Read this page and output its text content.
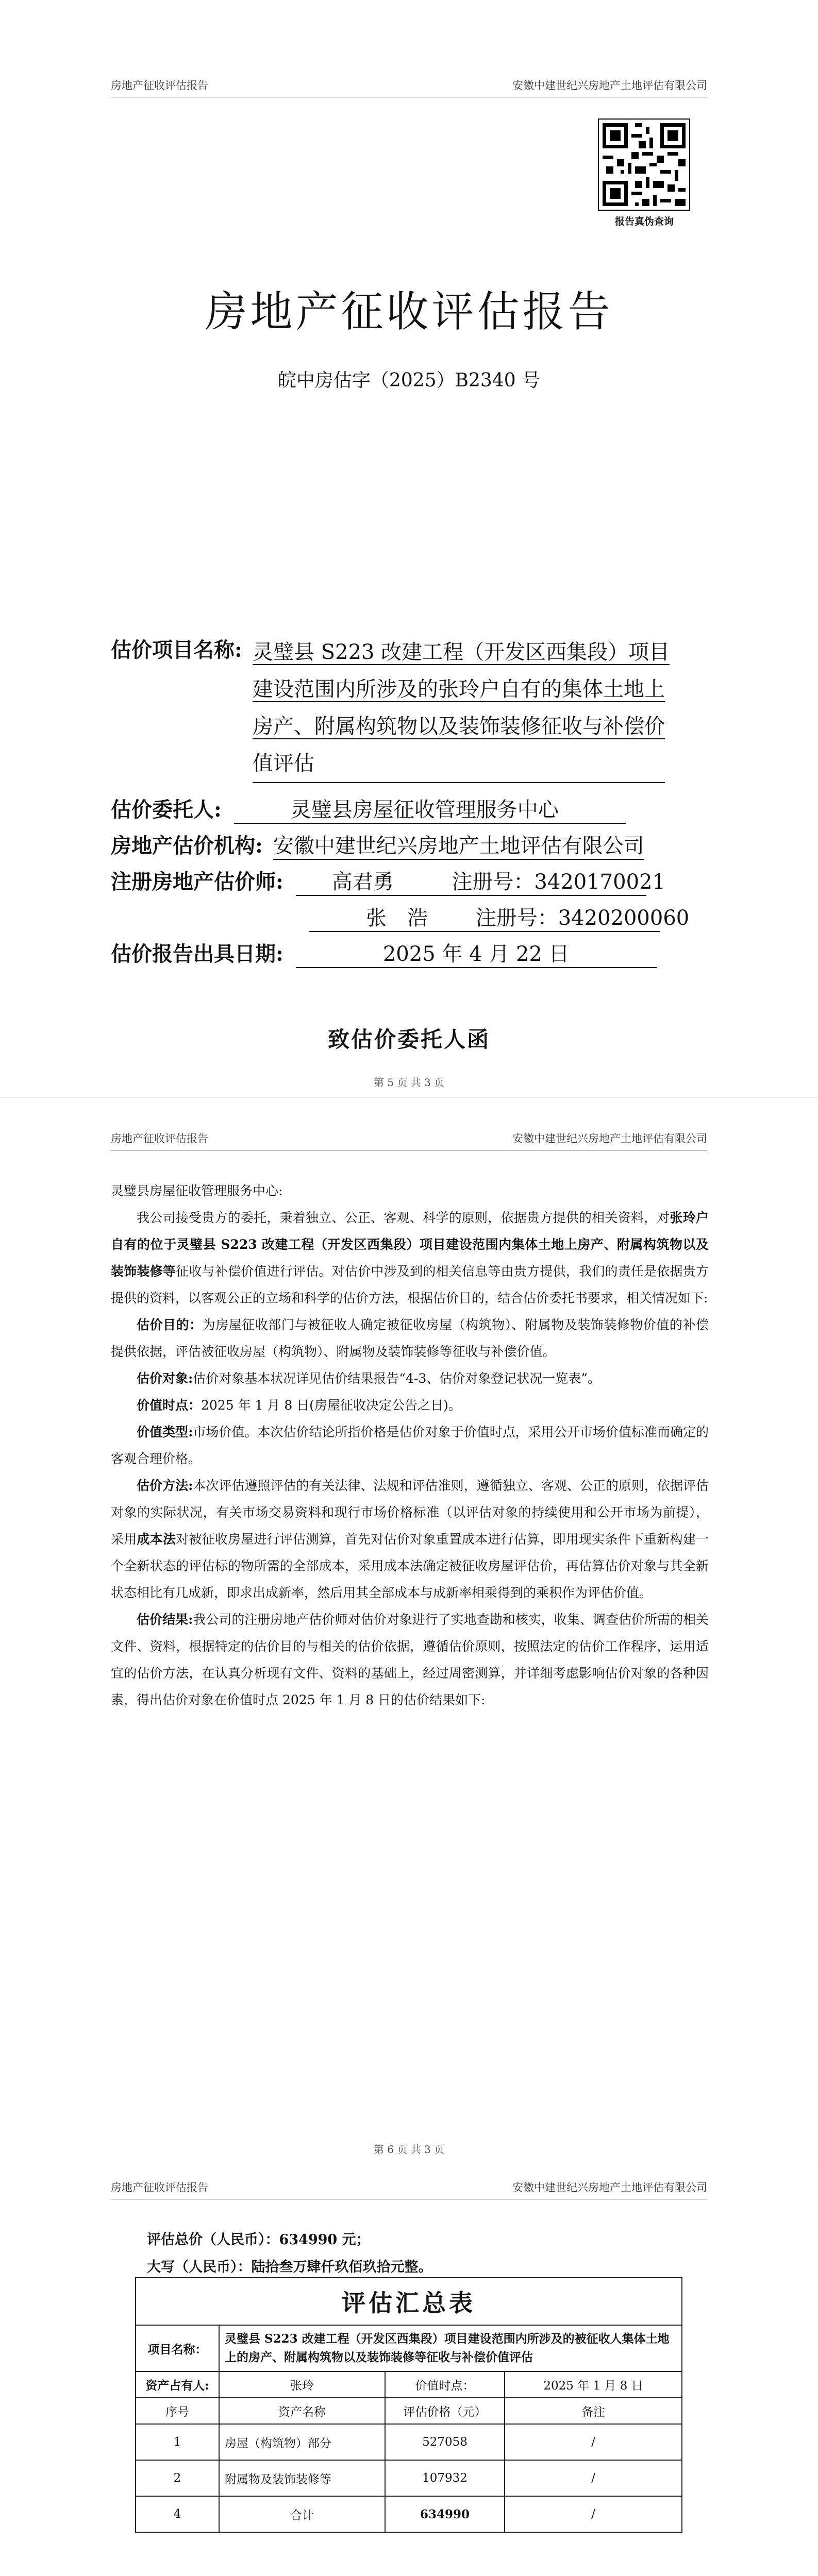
房地产征收评估报告	安徽中建世纪兴房地产土地评估有限公司
报告真伪查询
房地产征收评估报告
皖中房估字（2025）B2340 号
估价项目名称: 灵璧县 S223 改建工程（开发区西集段）项目
建设范围内所涉及的张玲户自有的集体土地上
房产、附属构筑物以及装饰装修征收与补偿价
值评估
估价委托人:	灵璧县房屋征收管理服务中心
房地产估价机构: 安徽中建世纪兴房地产土地评估有限公司
注册房地产估价师: 高君勇	注册号：3420170021
张　浩 注册号：3420200060
估价报告出具日期:	2025 年 4 月 22 日
致估价委托人函
第 5 页 共 3 页
房地产征收评估报告	安徽中建世纪兴房地产土地评估有限公司
灵璧县房屋征收管理服务中心:

我公司接受贵方的委托，秉着独立、公正、客观、科学的原则，依据贵方提供的相关资料，对张玲户自有的位于灵璧县 S223 改建工程（开发区西集段）项目建设范围内集体土地上房产、附属构筑物以及装饰装修等征收与补偿价值进行评估。对估价中涉及到的相关信息等由贵方提供，我们的责任是依据贵方提供的资料，以客观公正的立场和科学的估价方法，根据估价目的，结合估价委托书要求，相关情况如下:

估价目的：为房屋征收部门与被征收人确定被征收房屋（构筑物）、附属物及装饰装修物价值的补偿提供依据，评估被征收房屋（构筑物）、附属物及装饰装修等征收与补偿价值。

估价对象:估价对象基本状况详见估价结果报告“4-3、估价对象登记状况一览表”。

价值时点：2025 年 1 月 8 日(房屋征收决定公告之日)。

价值类型:市场价值。本次估价结论所指价格是估价对象于价值时点，采用公开市场价值标准而确定的客观合理价格。

估价方法:本次评估遵照评估的有关法律、法规和评估准则，遵循独立、客观、公正的原则，依据评估对象的实际状况，有关市场交易资料和现行市场价格标准（以评估对象的持续使用和公开市场为前提），采用成本法对被征收房屋进行评估测算，首先对估价对象重置成本进行估算，即用现实条件下重新构建一个全新状态的评估标的物所需的全部成本，采用成本法确定被征收房屋评估价，再估算估价对象与其全新状态相比有几成新，即求出成新率，然后用其全部成本与成新率相乘得到的乘积作为评估价值。

估价结果:我公司的注册房地产估价师对估价对象进行了实地查勘和核实，收集、调查估价所需的相关文件、资料，根据特定的估价目的与相关的估价依据，遵循估价原则，按照法定的估价工作程序，运用适宜的估价方法，在认真分析现有文件、资料的基础上，经过周密测算，并详细考虑影响估价对象的各种因素，得出估价对象在价值时点 2025 年 1 月 8 日的估价结果如下:

第 6 页 共 3 页
房地产征收评估报告	安徽中建世纪兴房地产土地评估有限公司
评估总价（人民币）：634990 元；
大写（人民币）：陆拾叁万肆仟玖佰玖拾元整。
评估汇总表			
项目名称：	灵璧县 S223 改建工程（开发区西集段）项目建设范围内所涉及的被征收人集体土地上的房产、附属构筑物以及装饰装修等征收与补偿价值评估		
资产占有人:	张玲	价值时点：	2025 年 1 月 8 日
序号	资产名称	评估价格（元）	备注
1	房屋（构筑物）部分	527058	/
2	附属物及装饰装修等	107932	/
4	合计	634990	/
